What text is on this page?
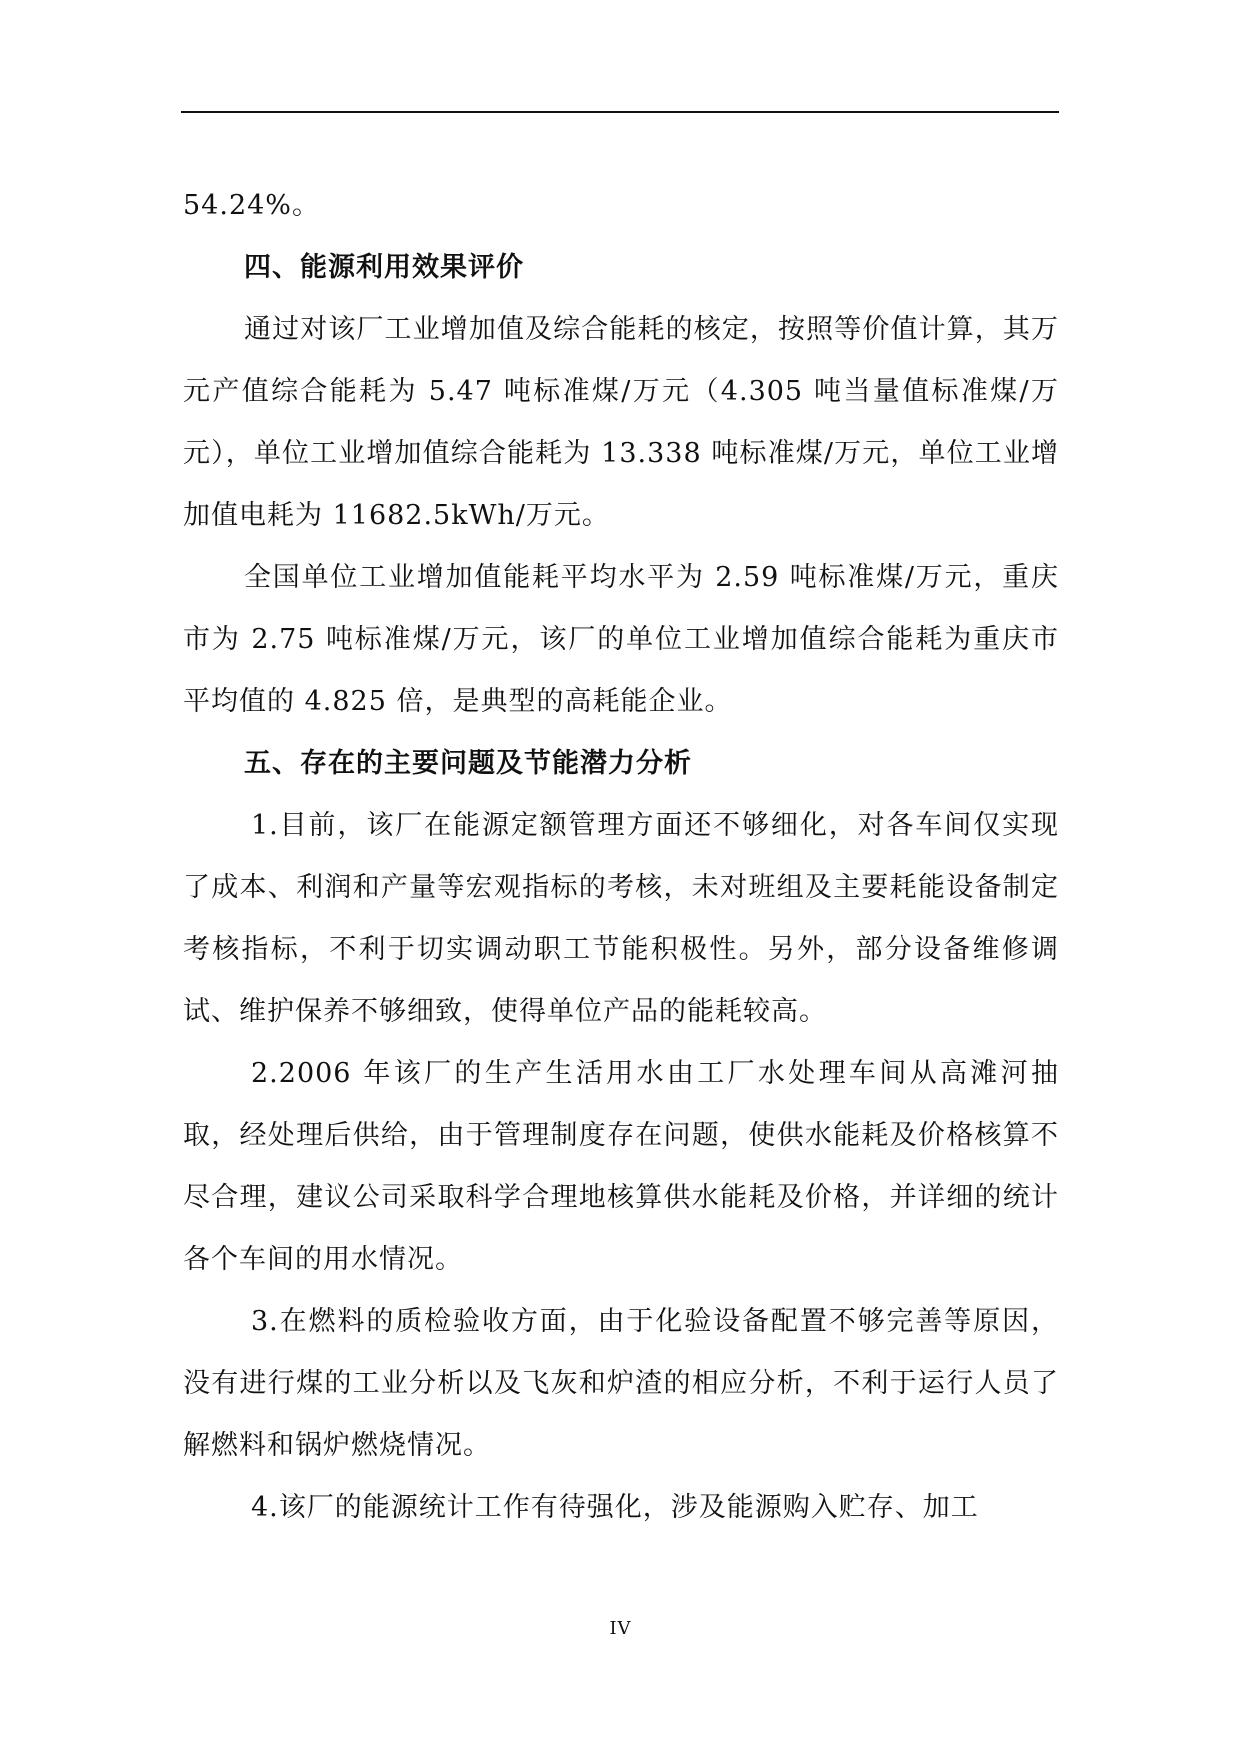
54.24%。

四、能源利用效果评价

通过对该厂工业增加值及综合能耗的核定，按照等价值计算，其万元产值综合能耗为 5.47 吨标准煤/万元（4.305 吨当量值标准煤/万元），单位工业增加值综合能耗为 13.338 吨标准煤/万元，单位工业增加值电耗为 11682.5kWh/万元。

全国单位工业增加值能耗平均水平为 2.59 吨标准煤/万元，重庆市为 2.75 吨标准煤/万元，该厂的单位工业增加值综合能耗为重庆市平均值的 4.825 倍，是典型的高耗能企业。

五、存在的主要问题及节能潜力分析

1.目前，该厂在能源定额管理方面还不够细化，对各车间仅实现了成本、利润和产量等宏观指标的考核，未对班组及主要耗能设备制定考核指标，不利于切实调动职工节能积极性。另外，部分设备维修调试、维护保养不够细致，使得单位产品的能耗较高。

2.2006 年该厂的生产生活用水由工厂水处理车间从高滩河抽取，经处理后供给，由于管理制度存在问题，使供水能耗及价格核算不尽合理，建议公司采取科学合理地核算供水能耗及价格，并详细的统计各个车间的用水情况。

3.在燃料的质检验收方面，由于化验设备配置不够完善等原因，没有进行煤的工业分析以及飞灰和炉渣的相应分析，不利于运行人员了解燃料和锅炉燃烧情况。

4.该厂的能源统计工作有待强化，涉及能源购入贮存、加工

IV
